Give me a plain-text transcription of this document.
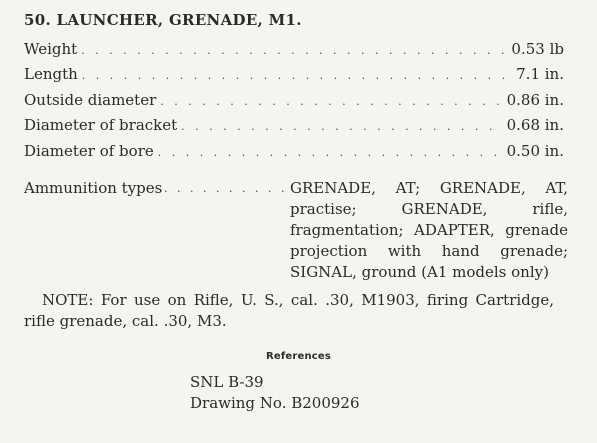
50. LAUNCHER, GRENADE, M1.
Weight . . .	0.53 lb
Length . . .	7.1 in.
Outside diameter . . .	0.86 in.
Diameter of bracket . . .	0.68 in.
Diameter of bore . . .	0.50 in.
Ammunition types . . .	GRENADE, AT; GRENADE, AT, practise; GRENADE, rifle, fragmentation; ADAPTER, grenade projection with hand grenade; SIGNAL, ground (A1 models only)
NOTE: For use on Rifle, U. S., cal. .30, M1903, firing Cartridge, rifle grenade, cal. .30, M3.
References
SNL B-39
Drawing No. B200926
